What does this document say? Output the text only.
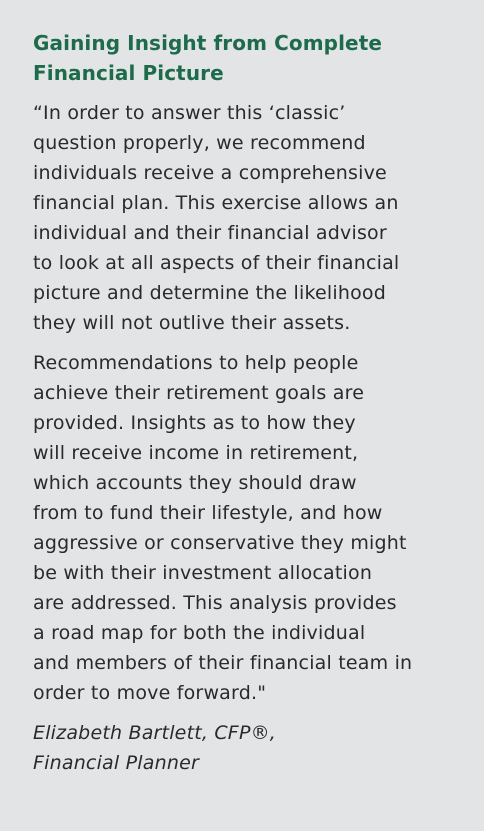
Gaining Insight from Complete
Financial Picture

“In order to answer this ‘classic’
question properly, we recommend
individuals receive a comprehensive
financial plan. This exercise allows an
individual and their financial advisor
to look at all aspects of their financial
picture and determine the likelihood
they will not outlive their assets.

Recommendations to help people
achieve their retirement goals are
provided. Insights as to how they
will receive income in retirement,
which accounts they should draw
from to fund their lifestyle, and how
aggressive or conservative they might
be with their investment allocation
are addressed. This analysis provides
a road map for both the individual
and members of their financial team in
order to move forward."

Elizabeth Bartlett, CFP®,
Financial Planner
